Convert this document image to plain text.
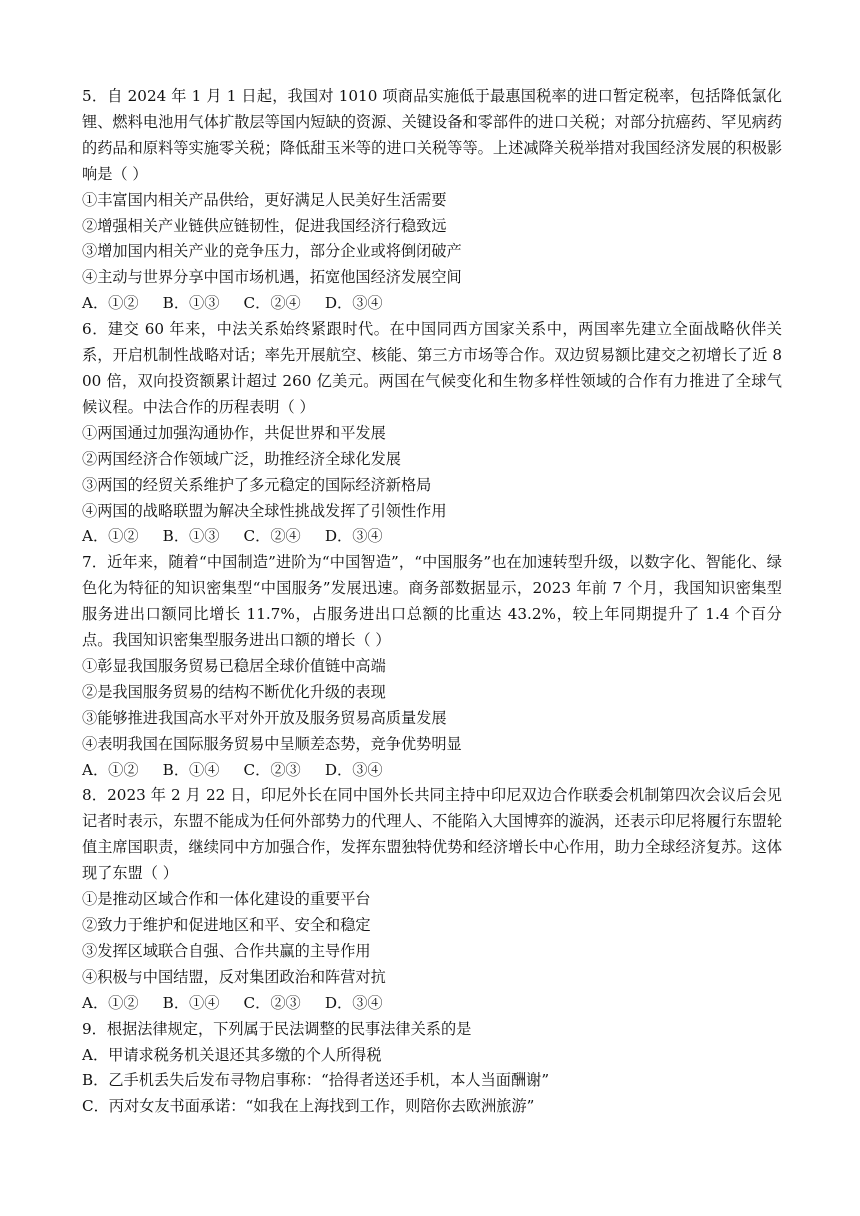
5．自 2024 年 1 月 1 日起，我国对 1010 项商品实施低于最惠国税率的进口暂定税率，包括降低氯化锂、燃料电池用气体扩散层等国内短缺的资源、关键设备和零部件的进口关税；对部分抗癌药、罕见病药的药品和原料等实施零关税；降低甜玉米等的进口关税等等。上述减降关税举措对我国经济发展的积极影响是（ ）

①丰富国内相关产品供给，更好满足人民美好生活需要

②增强相关产业链供应链韧性，促进我国经济行稳致远

③增加国内相关产业的竞争压力，部分企业或将倒闭破产

④主动与世界分享中国市场机遇，拓宽他国经济发展空间

A．①②     B．①③     C．②④     D．③④

6．建交 60 年来，中法关系始终紧跟时代。在中国同西方国家关系中，两国率先建立全面战略伙伴关系，开启机制性战略对话；率先开展航空、核能、第三方市场等合作。双边贸易额比建交之初增长了近 800 倍，双向投资额累计超过 260 亿美元。两国在气候变化和生物多样性领域的合作有力推进了全球气候议程。中法合作的历程表明（ ）

①两国通过加强沟通协作，共促世界和平发展

②两国经济合作领域广泛，助推经济全球化发展

③两国的经贸关系维护了多元稳定的国际经济新格局

④两国的战略联盟为解决全球性挑战发挥了引领性作用

A．①②     B．①③     C．②④     D．③④

7．近年来，随着“中国制造”进阶为“中国智造”，“中国服务”也在加速转型升级，以数字化、智能化、绿色化为特征的知识密集型“中国服务”发展迅速。商务部数据显示，2023 年前 7 个月，我国知识密集型服务进出口额同比增长 11.7%，占服务进出口总额的比重达 43.2%，较上年同期提升了 1.4 个百分点。我国知识密集型服务进出口额的增长（ ）

①彰显我国服务贸易已稳居全球价值链中高端

②是我国服务贸易的结构不断优化升级的表现

③能够推进我国高水平对外开放及服务贸易高质量发展

④表明我国在国际服务贸易中呈顺差态势，竞争优势明显

A．①②     B．①④     C．②③     D．③④

8．2023 年 2 月 22 日，印尼外长在同中国外长共同主持中印尼双边合作联委会机制第四次会议后会见记者时表示，东盟不能成为任何外部势力的代理人、不能陷入大国博弈的漩涡，还表示印尼将履行东盟轮值主席国职责，继续同中方加强合作，发挥东盟独特优势和经济增长中心作用，助力全球经济复苏。这体现了东盟（ ）

①是推动区域合作和一体化建设的重要平台

②致力于维护和促进地区和平、安全和稳定

③发挥区域联合自强、合作共赢的主导作用

④积极与中国结盟，反对集团政治和阵营对抗

A．①②     B．①④     C．②③     D．③④

9．根据法律规定，下列属于民法调整的民事法律关系的是

A．甲请求税务机关退还其多缴的个人所得税

B．乙手机丢失后发布寻物启事称：“拾得者送还手机，本人当面酬谢”

C．丙对女友书面承诺：“如我在上海找到工作，则陪你去欧洲旅游”
